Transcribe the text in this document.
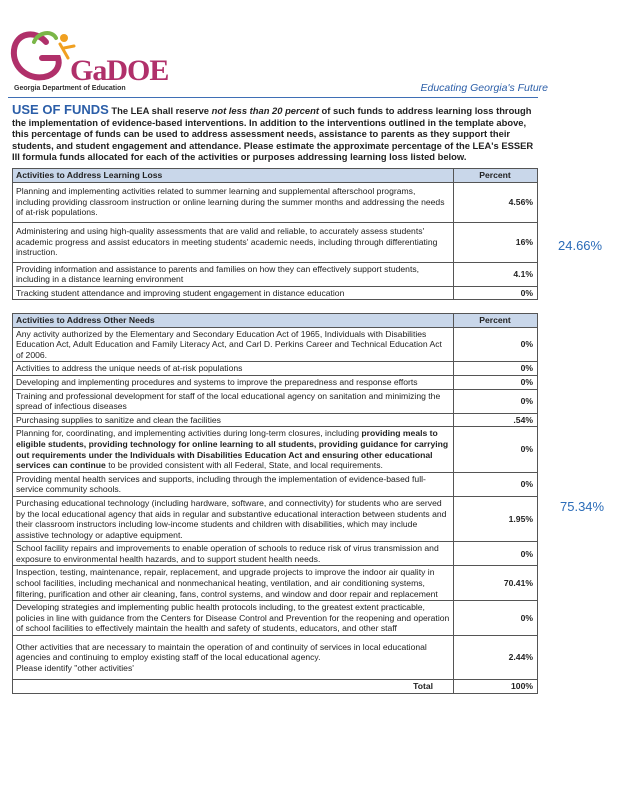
GaDOE
Georgia Department of Education	Educating Georgia's Future
USE OF FUNDS The LEA shall reserve not less than 20 percent of such funds to address learning loss through the implementation of evidence-based interventions. In addition to the interventions outlined in the template above, this percentage of funds can be used to address assessment needs, assistance to parents as they support their students, and student engagement and attendance. Please estimate the approximate percentage of the LEA's ESSER III formula funds allocated for each of the activities or purposes addressing learning loss listed below.
Activities to Address Learning Loss	Percent
Planning and implementing activities related to summer learning and supplemental afterschool programs, including providing classroom instruction or online learning during the summer months and addressing the needs of at-risk populations.	4.56%
Administering and using high-quality assessments that are valid and reliable, to accurately assess students' academic progress and assist educators in meeting students' academic needs, including through differentiating instruction.	16%
Providing information and assistance to parents and families on how they can effectively support students, including in a distance learning environment	4.1%
Tracking student attendance and improving student engagement in distance education	0%
Activities to Address Other Needs	Percent
Any activity authorized by the Elementary and Secondary Education Act of 1965, Individuals with Disabilities Education Act, Adult Education and Family Literacy Act, and Carl D. Perkins Career and Technical Education Act of 2006.	0%
Activities to address the unique needs of at-risk populations	0%
Developing and implementing procedures and systems to improve the preparedness and response efforts	0%
Training and professional development for staff of the local educational agency on sanitation and minimizing the spread of infectious diseases	0%
Purchasing supplies to sanitize and clean the facilities	.54%
Planning for, coordinating, and implementing activities during long-term closures, including providing meals to eligible students, providing technology for online learning to all students, providing guidance for carrying out requirements under the Individuals with Disabilities Education Act and ensuring other educational services can continue to be provided consistent with all Federal, State, and local requirements.	0%
Providing mental health services and supports, including through the implementation of evidence-based full-service community schools.	0%
Purchasing educational technology (including hardware, software, and connectivity) for students who are served by the local educational agency that aids in regular and substantive educational interaction between students and their classroom instructors including low-income students and children with disabilities, which may include assistive technology or adaptive equipment.	1.95%
School facility repairs and improvements to enable operation of schools to reduce risk of virus transmission and exposure to environmental health hazards, and to support student health needs.	0%
Inspection, testing, maintenance, repair, replacement, and upgrade projects to improve the indoor air quality in school facilities, including mechanical and nonmechanical heating, ventilation, and air conditioning systems, filtering, purification and other air cleaning, fans, control systems, and window and door repair and replacement	70.41%
Developing strategies and implementing public health protocols including, to the greatest extent practicable, policies in line with guidance from the Centers for Disease Control and Prevention for the reopening and operation of school facilities to effectively maintain the health and safety of students, educators, and other staff	0%
Other activities that are necessary to maintain the operation of and continuity of services in local educational agencies and continuing to employ existing staff of the local educational agency.
Please identify "other activities'	2.44%
Total	100%
24.66%
75.34%
